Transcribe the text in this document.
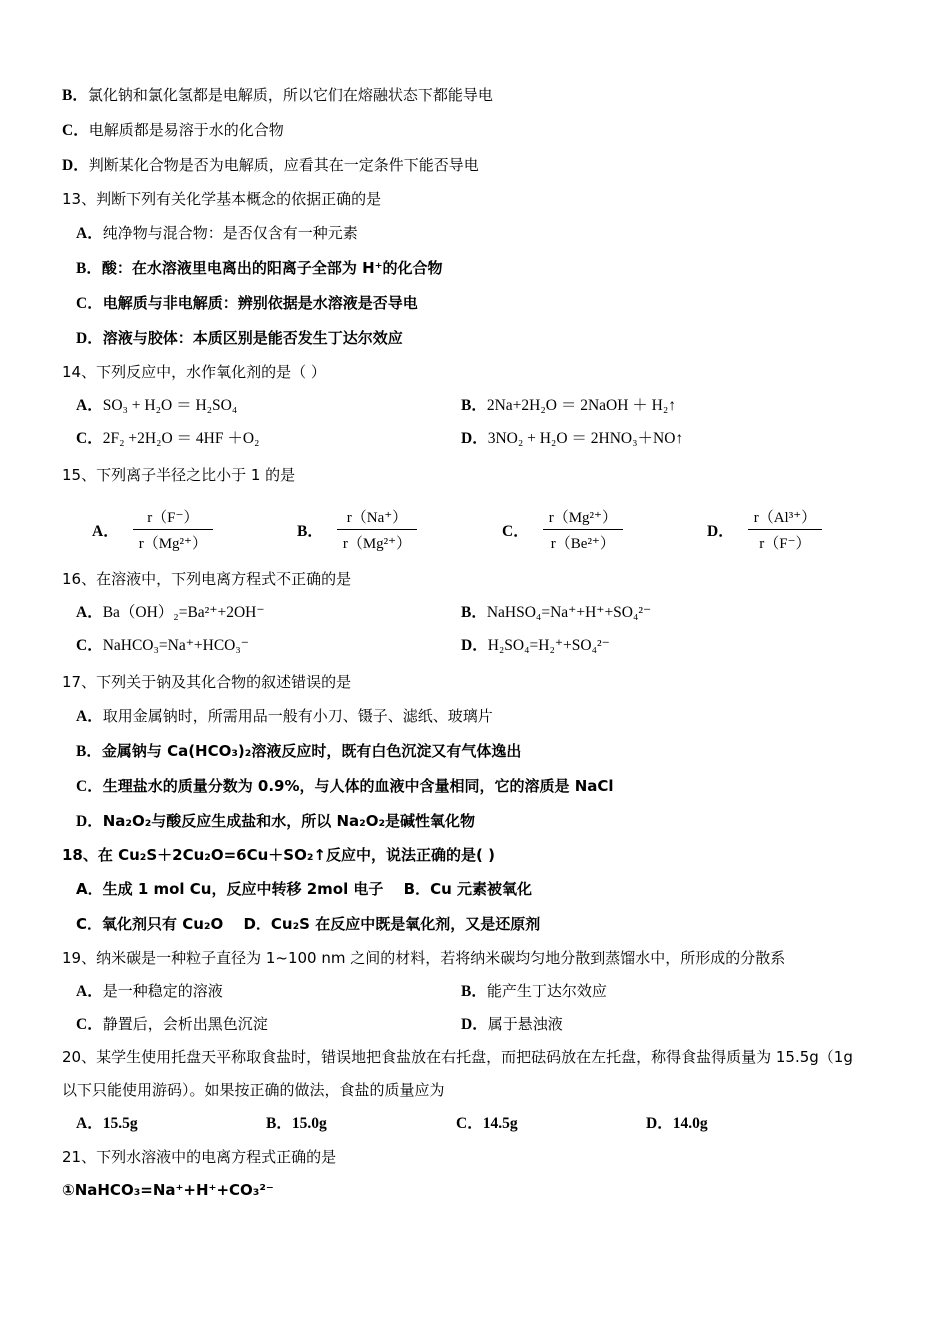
B．氯化钠和氯化氢都是电解质，所以它们在熔融状态下都能导电
C．电解质都是易溶于水的化合物
D．判断某化合物是否为电解质，应看其在一定条件下能否导电
13、判断下列有关化学基本概念的依据正确的是
A．纯净物与混合物：是否仅含有一种元素
B．酸：在水溶液里电离出的阳离子全部为 H⁺的化合物
C．电解质与非电解质：辨别依据是水溶液是否导电
D．溶液与胶体：本质区别是能否发生丁达尔效应
14、下列反应中，水作氧化剂的是（ ）
A．SO₃ + H₂O ＝ H₂SO₄	B．2Na+2H₂O ＝ 2NaOH ＋ H₂↑
C．2F₂ +2H₂O ＝ 4HF ＋O₂	D．3NO₂ + H₂O ＝ 2HNO₃＋NO↑
15、下列离子半径之比小于 1 的是
A． $\frac{r(F^-)}{\text{r（Mg²⁺）}}$	B． $\frac{r(Na^+)}{\text{r（Mg²⁺）}}$	C． $\frac{\text{r（Mg²⁺）}}{\text{r（Be²⁺）}}$	D． $\frac{\text{r（Al³⁺）}}{r(F^-)}$
16、在溶液中，下列电离方程式不正确的是
A．Ba（OH）₂=Ba²⁺+2OH⁻	B．NaHSO₄=Na⁺+H⁺+SO₄²⁻
C．NaHCO₃=Na⁺+HCO₃⁻	D．H₂SO₄=H₂⁺+SO₄²⁻
17、下列关于钠及其化合物的叙述错误的是
A．取用金属钠时，所需用品一般有小刀、镊子、滤纸、玻璃片
B．金属钠与 Ca(HCO₃)₂溶液反应时，既有白色沉淀又有气体逸出
C．生理盐水的质量分数为 0.9%，与人体的血液中含量相同，它的溶质是 NaCl
D．Na₂O₂与酸反应生成盐和水，所以 Na₂O₂是碱性氧化物
18、在 Cu₂S＋2Cu₂O=6Cu＋SO₂↑反应中，说法正确的是( )
A．生成 1 mol Cu，反应中转移 2mol 电子　 B．Cu 元素被氧化
C．氧化剂只有 Cu₂O　 D．Cu₂S 在反应中既是氧化剂，又是还原剂
19、纳米碳是一种粒子直径为 1~100 nm 之间的材料，若将纳米碳均匀地分散到蒸馏水中，所形成的分散系
A．是一种稳定的溶液	B．能产生丁达尔效应
C．静置后，会析出黑色沉淀	D．属于悬浊液
20、某学生使用托盘天平称取食盐时，错误地把食盐放在右托盘，而把砝码放在左托盘，称得食盐得质量为 15.5g（1g
以下只能使用游码）。如果按正确的做法，食盐的质量应为
A．15.5g	B．15.0g	C．14.5g	D．14.0g
21、下列水溶液中的电离方程式正确的是
①NaHCO₃=Na⁺+H⁺+CO₃²⁻
